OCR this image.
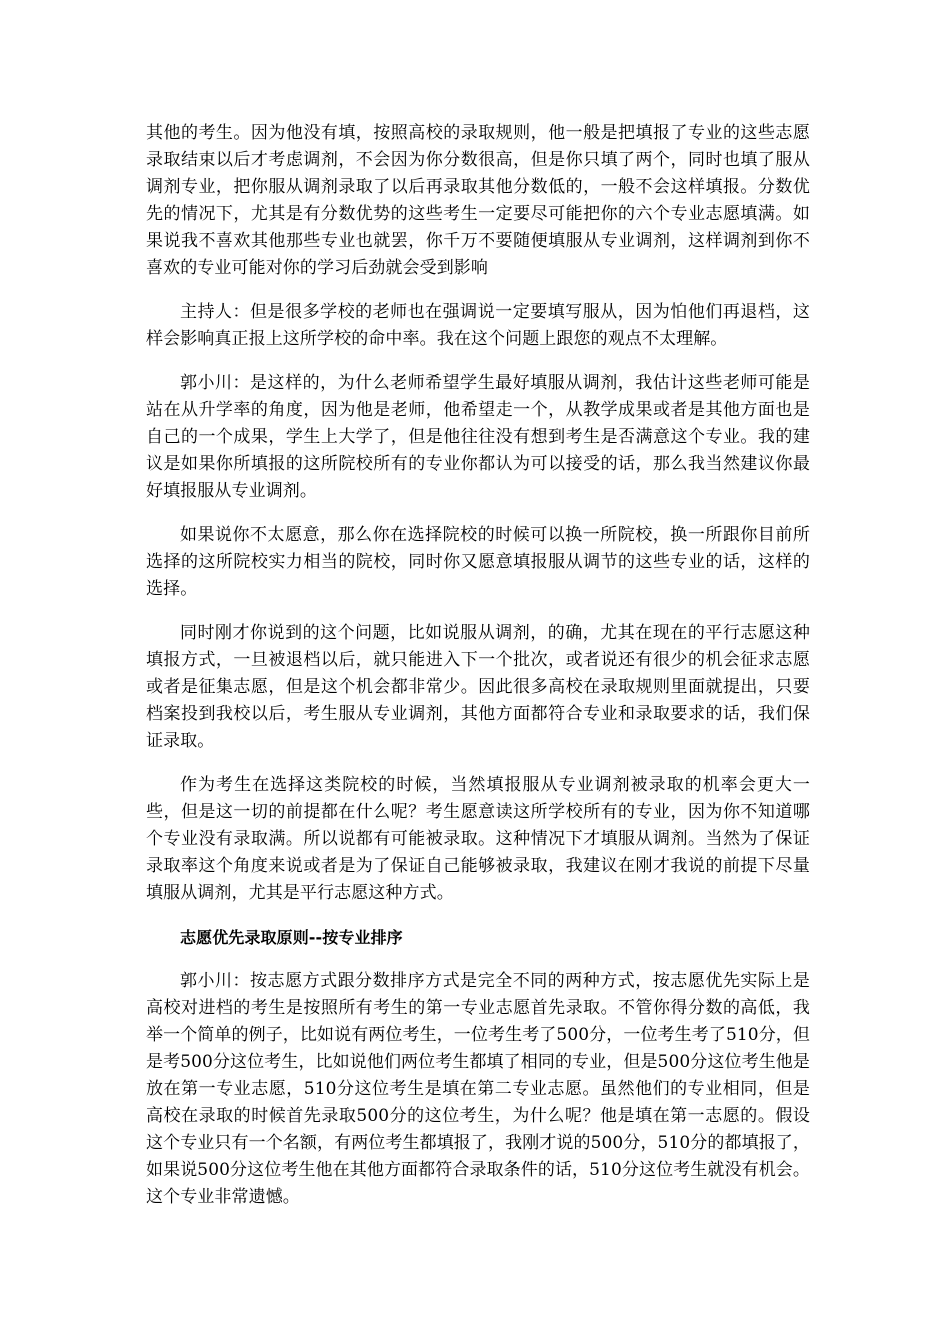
其他的考生。因为他没有填，按照高校的录取规则，他一般是把填报了专业的这些志愿录取结束以后才考虑调剂，不会因为你分数很高，但是你只填了两个，同时也填了服从调剂专业，把你服从调剂录取了以后再录取其他分数低的，一般不会这样填报。分数优先的情况下，尤其是有分数优势的这些考生一定要尽可能把你的六个专业志愿填满。如果说我不喜欢其他那些专业也就罢，你千万不要随便填服从专业调剂，这样调剂到你不喜欢的专业可能对你的学习后劲就会受到影响

主持人：但是很多学校的老师也在强调说一定要填写服从，因为怕他们再退档，这样会影响真正报上这所学校的命中率。我在这个问题上跟您的观点不太理解。

郭小川：是这样的，为什么老师希望学生最好填服从调剂，我估计这些老师可能是站在从升学率的角度，因为他是老师，他希望走一个，从教学成果或者是其他方面也是自己的一个成果，学生上大学了，但是他往往没有想到考生是否满意这个专业。我的建议是如果你所填报的这所院校所有的专业你都认为可以接受的话，那么我当然建议你最好填报服从专业调剂。

如果说你不太愿意，那么你在选择院校的时候可以换一所院校，换一所跟你目前所选择的这所院校实力相当的院校，同时你又愿意填报服从调节的这些专业的话，这样的选择。

同时刚才你说到的这个问题，比如说服从调剂，的确，尤其在现在的平行志愿这种填报方式，一旦被退档以后，就只能进入下一个批次，或者说还有很少的机会征求志愿或者是征集志愿，但是这个机会都非常少。因此很多高校在录取规则里面就提出，只要档案投到我校以后，考生服从专业调剂，其他方面都符合专业和录取要求的话，我们保证录取。

作为考生在选择这类院校的时候，当然填报服从专业调剂被录取的机率会更大一些，但是这一切的前提都在什么呢？考生愿意读这所学校所有的专业，因为你不知道哪个专业没有录取满。所以说都有可能被录取。这种情况下才填服从调剂。当然为了保证录取率这个角度来说或者是为了保证自己能够被录取，我建议在刚才我说的前提下尽量填服从调剂，尤其是平行志愿这种方式。

志愿优先录取原则--按专业排序

郭小川：按志愿方式跟分数排序方式是完全不同的两种方式，按志愿优先实际上是高校对进档的考生是按照所有考生的第一专业志愿首先录取。不管你得分数的高低，我举一个简单的例子，比如说有两位考生，一位考生考了500分，一位考生考了510分，但是考500分这位考生，比如说他们两位考生都填了相同的专业，但是500分这位考生他是放在第一专业志愿，510分这位考生是填在第二专业志愿。虽然他们的专业相同，但是高校在录取的时候首先录取500分的这位考生，为什么呢？他是填在第一志愿的。假设这个专业只有一个名额，有两位考生都填报了，我刚才说的500分，510分的都填报了，如果说500分这位考生他在其他方面都符合录取条件的话，510分这位考生就没有机会。这个专业非常遗憾。
